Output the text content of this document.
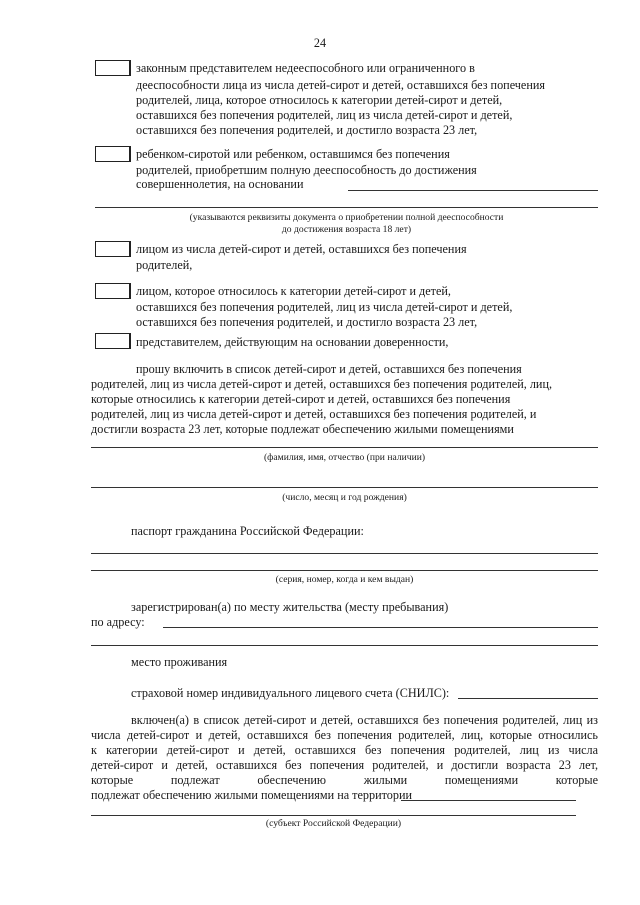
24
законным представителем недееспособного или ограниченного в
дееспособности лица из числа детей-сирот и детей, оставшихся без попечения
родителей, лица, которое относилось к категории детей-сирот и детей,
оставшихся без попечения родителей, лиц из числа детей-сирот и детей,
оставшихся без попечения родителей, и достигло возраста 23 лет,
ребенком-сиротой или ребенком, оставшимся без попечения
родителей, приобретшим полную дееспособность до достижения
совершеннолетия, на основании
(указываются реквизиты документа о приобретении полной дееспособности
до достижения возраста 18 лет)
лицом из числа детей-сирот и детей, оставшихся без попечения
родителей,
лицом, которое относилось к категории детей-сирот и детей,
оставшихся без попечения родителей, лиц из числа детей-сирот и детей,
оставшихся без попечения родителей, и достигло возраста 23 лет,
представителем, действующим на основании доверенности,
прошу включить в список детей-сирот и детей, оставшихся без попечения
родителей, лиц из числа детей-сирот и детей, оставшихся без попечения родителей, лиц,
которые относились к категории детей-сирот и детей, оставшихся без попечения
родителей, лиц из числа детей-сирот и детей, оставшихся без попечения родителей, и
достигли возраста 23 лет, которые подлежат обеспечению жилыми помещениями
(фамилия, имя, отчество (при наличии)
(число, месяц и год рождения)
паспорт гражданина Российской Федерации:
(серия, номер, когда и кем выдан)
зарегистрирован(а) по месту жительства (месту пребывания)
по адресу:
место проживания
страховой номер индивидуального лицевого счета (СНИЛС):
включен(а) в список детей-сирот и детей, оставшихся без попечения родителей, лиц из
числа детей-сирот и детей, оставшихся без попечения родителей, лиц, которые относились
к категории детей-сирот и детей, оставшихся без попечения родителей, лиц из числа
детей-сирот и детей, оставшихся без попечения родителей, и достигли возраста 23 лет,
которые подлежат обеспечению жилыми помещениями которые
подлежат обеспечению жилыми помещениями на территории
(субъект Российской Федерации)
